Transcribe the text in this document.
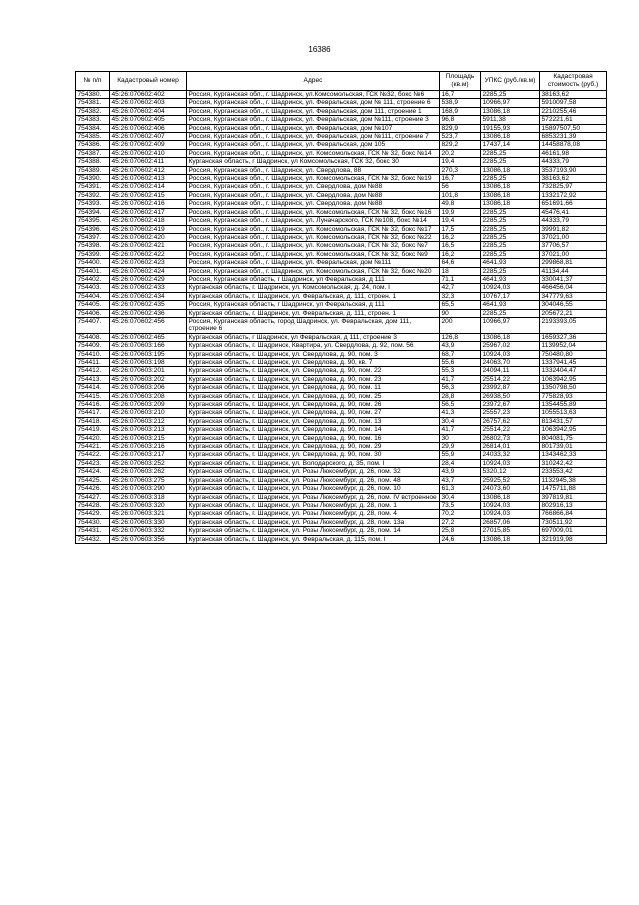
16386
№ п/п	Кадастровый номер	Адрес	Площадь (кв.м)	УПКС (руб./кв.м)	Кадастровая стоимость (руб.)
754380.	45:26:070602:402	Россия, Курганская обл., г. Шадринск, ул.Комсомольская, ГСК №32, бокс №6	16,7	2285,25	38163,62
754381.	45:26:070602:403	Россия, Курганская обл., г. Шадринск, ул. Февральская, дом № 111, строение 6	538,9	10966,97	5910097,58
754382.	45:26:070602:404	Россия, Курганская обл., г. Шадринск, ул. Февральская, дом 111, строение 1	168,9	13086,18	2210255,46
754383.	45:26:070602:405	Россия, Курганская обл., г. Шадринск, ул. Февральская, дом №111, строение 3	96,8	5911,38	572221,61
754384.	45:26:070602:406	Россия, Курганская обл., г. Шадринск, ул. Февральская, дом №107	829,9	19155,93	15897507,50
754385.	45:26:070602:407	Россия, Курганская обл., г. Шадринск, ул. Февральская, дом №111, строение 7	523,7	13086,18	6853231,39
754386.	45:26:070602:409	Россия, Курганская обл., г. Шадринск, ул. Февральская, дом 105	829,2	17437,14	14458878,08
754387.	45:26:070602:410	Россия, Курганская обл., г. Шадринск, ул. Комсомольская, ГСК № 32, бокс №14	20,2	2285,25	46161,98
754388.	45:26:070602:411	Курганская область, г Шадринск, ул Комсомольская, ГСК 32, бокс 30	19,4	2285,25	44333,79
754389.	45:26:070602:412	Россия, Курганская обл., г. Шадринск, ул. Свердлова, 88	270,3	13086,18	3537193,90
754390.	45:26:070602:413	Россия, Курганская обл., г. Шадринск, ул. Комсомольская, ГСК № 32, бокс №19	16,7	2285,25	38163,62
754391.	45:26:070602:414	Россия, Курганская обл., г. Шадринск, ул. Свердлова, дом №88	56	13086,18	732825,97
754392.	45:26:070602:415	Россия, Курганская обл., г. Шадринск, ул. Свердлова, дом №88	101,8	13086,18	1332172,92
754393.	45:26:070602:416	Россия, Курганская обл., г. Шадринск, ул. Свердлова, дом №88	49,8	13086,18	651691,66
754394.	45:26:070602:417	Россия, Курганская обл., г. Шадринск, ул. Комсомольская, ГСК № 32, бокс №16	19,9	2285,25	45476,41
754395.	45:26:070602:418	Россия, Курганская обл., г. Шадринск, ул. Луначарского, ГСК №108, бокс №14	19,4	2285,25	44333,79
754396.	45:26:070602:419	Россия, Курганская обл., г. Шадринск, ул. Комсомольская, ГСК № 32, бокс №17	17,5	2285,25	39991,82
754397.	45:26:070602:420	Россия, Курганская обл., г. Шадринск, ул. Комсомольская, ГСК № 32, бокс №22	16,2	2285,25	37021,00
754398.	45:26:070602:421	Россия, Курганская обл., г. Шадринск, ул. Комсомольская, ГСК № 32, бокс №7	16,5	2285,25	37706,57
754399.	45:26:070602:422	Россия, Курганская обл., г. Шадринск, ул. Комсомольская, ГСК № 32, бокс №9	16,2	2285,25	37021,00
754400.	45:26:070602:423	Россия, Курганская обл., г. Шадринск, ул. Февральская, дом №111	64,6	4641,93	299868,81
754401.	45:26:070602:424	Россия, Курганская обл., г. Шадринск, ул. Комсомольская, ГСК № 32, бокс №20	18	2285,25	41134,44
754402.	45:26:070602:429	Россия, Курганская область, г Шадринск, ул Февральская, д 111	71,1	4641,93	330041,37
754403.	45:26:070602:433	Курганская область, г. Шадринск, ул. Комсомольская, д. 24, пом. I	42,7	10924,03	466456,04
754404.	45:26:070602:434	Курганская область, г. Шадринск, ул. Февральская, д. 111, строен. 1	32,3	10767,17	347779,63
754405.	45:26:070602:435	Россия, Курганская область, г Шадринск, ул Февральская, д 111	65,5	4641,93	304046,55
754406.	45:26:070602:436	Курганская область, г. Шадринск, ул. Февральская, д. 111, строен. 1	90	2285,25	205672,21
754407.	45:26:070602:456	Россия, Курганская область, город Шадринск, ул. Февральская, дом 111, строение 6	200	10966,97	2193393,05
754408.	45:26:070602:465	Курганская область, г Шадринск, ул Февральская, д 111, строение 3	126,8	13086,18	1659327,36
754409.	45:26:070603:166	Курганская область, г. Шадринск, Квартира, ул. Свердлова, д. 92, пом. 56	43,9	25967,02	1139952,04
754410.	45:26:070603:195	Курганская область, г. Шадринск, ул. Свердлова, д. 90, пом. 3	68,7	10924,03	750480,80
754411.	45:26:070603:198	Курганская область, г. Шадринск, ул. Свердлова, д. 90, кв. 7	55,6	24063,70	1337941,45
754412.	45:26:070603:201	Курганская область, г. Шадринск, ул. Свердлова, д. 90, пом. 22	55,3	24094,11	1332404,47
754413.	45:26:070603:202	Курганская область, г. Шадринск, ул. Свердлова, д. 90, пом. 23	41,7	25514,22	1063942,95
754414.	45:26:070603:206	Курганская область, г. Шадринск, ул. Свердлова, д. 90, пом. 11	56,3	23992,87	1350798,50
754415.	45:26:070603:208	Курганская область, г. Шадринск, ул. Свердлова, д. 90, пом. 25	28,8	26938,50	775828,93
754416.	45:26:070603:209	Курганская область, г. Шадринск, ул. Свердлова, д. 90, пом. 26	56,5	23972,67	1354455,89
754417.	45:26:070603:210	Курганская область, г. Шадринск, ул. Свердлова, д. 90, пом. 27	41,3	25557,23	1055513,63
754418.	45:26:070603:212	Курганская область, г. Шадринск, ул. Свердлова, д. 90, пом. 13	30,4	26757,62	813431,57
754419.	45:26:070603:213	Курганская область, г. Шадринск, ул. Свердлова, д. 90, пом. 14	41,7	25514,22	1063942,95
754420.	45:26:070603:215	Курганская область, г. Шадринск, ул. Свердлова, д. 90, пом. 16	30	26802,73	804081,75
754421.	45:26:070603:216	Курганская область, г. Шадринск, ул. Свердлова, д. 90, пом. 29	29,9	26814,01	801739,01
754422.	45:26:070603:217	Курганская область, г. Шадринск, ул. Свердлова, д. 90, пом. 30	55,9	24033,32	1343462,33
754423.	45:26:070603:252	Курганская область, г. Шадринск, ул. Володарского, д. 35, пом. I	28,4	10924,03	310242,42
754424.	45:26:070603:262	Курганская область, г. Шадринск, ул. Розы Люксембург, д. 26, пом. 32	43,9	5320,12	233553,42
754425.	45:26:070603:275	Курганская область, г. Шадринск, ул. Розы Люксембург, д. 26, пом. 48	43,7	25925,52	1132945,38
754426.	45:26:070603:290	Курганская область, г. Шадринск, ул. Розы Люксембург, д. 26, пом. 10	61,3	24073,60	1475711,88
754427.	45:26:070603:318	Курганская область, г. Шадринск, ул. Розы Люксембург, д. 26, пом. IV встроенное	30,4	13086,18	397819,81
754428.	45:26:070603:320	Курганская область, г. Шадринск, ул. Розы Люксембург, д. 28, пом. 1	73,5	10924,03	802916,13
754429.	45:26:070603:321	Курганская область, г. Шадринск, ул. Розы Люксембург, д. 28, пом. 4	70,2	10924,03	766866,84
754430.	45:26:070603:330	Курганская область, г. Шадринск, ул. Розы Люксембург, д. 28, пом. 13а	27,2	26857,06	730511,92
754431.	45:26:070603:332	Курганская область, г. Шадринск, ул. Розы Люксембург, д. 28, пом. 14	25,8	27015,85	697009,01
754432.	45:26:070603:356	Курганская область, г. Шадринск, ул. Февральская, д. 115, пом. I	24,6	13086,18	321919,98
